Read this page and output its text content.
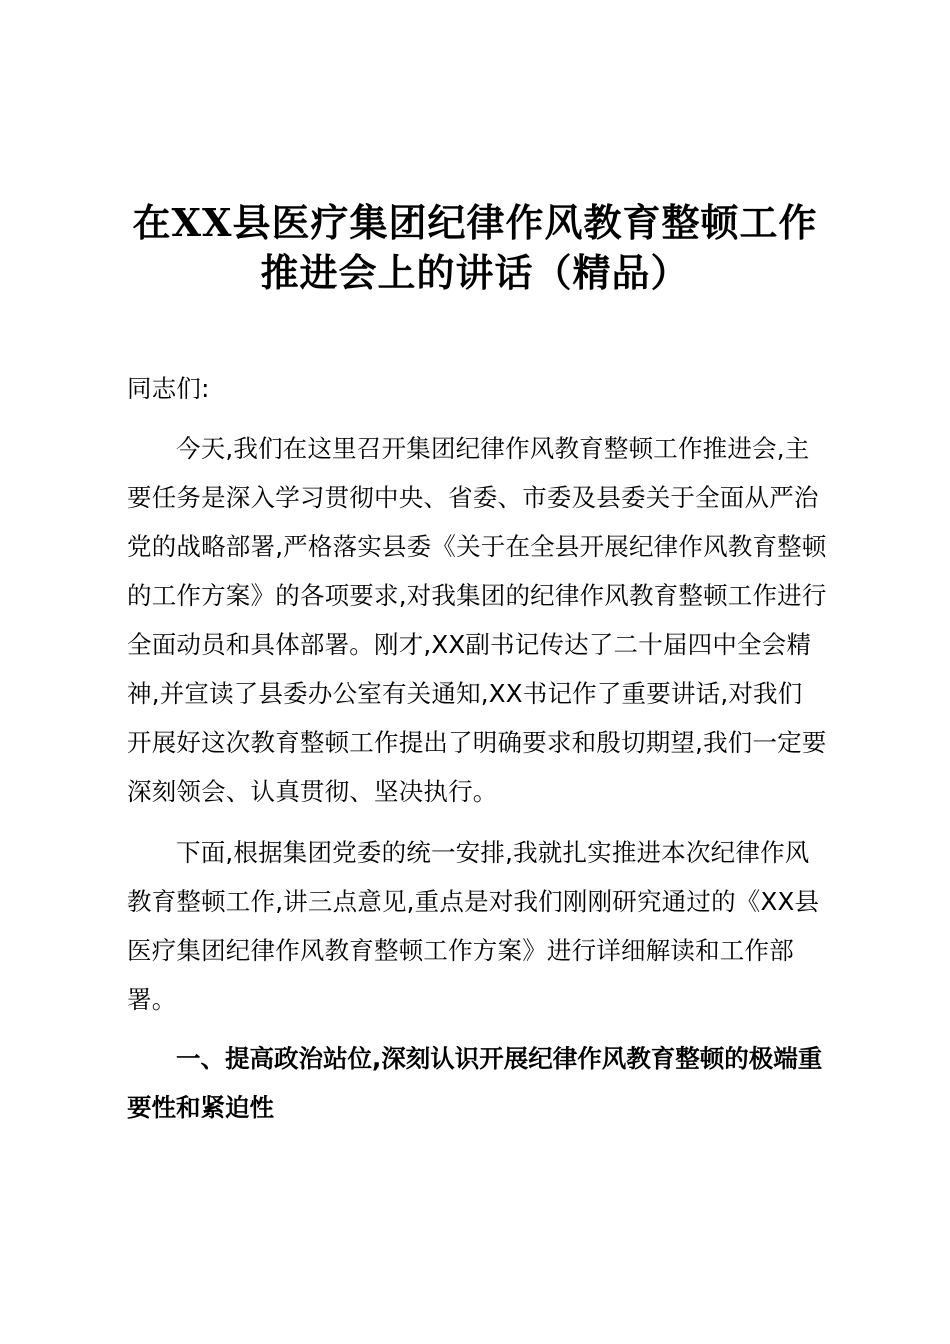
在XX县医疗集团纪律作风教育整顿工作
推进会上的讲话（精品）

同志们:

今天,我们在这里召开集团纪律作风教育整顿工作推进会,主要任务是深入学习贯彻中央、省委、市委及县委关于全面从严治党的战略部署,严格落实县委《关于在全县开展纪律作风教育整顿的工作方案》的各项要求,对我集团的纪律作风教育整顿工作进行全面动员和具体部署。刚才,XX副书记传达了二十届四中全会精神,并宣读了县委办公室有关通知,XX书记作了重要讲话,对我们开展好这次教育整顿工作提出了明确要求和殷切期望,我们一定要深刻领会、认真贯彻、坚决执行。

下面,根据集团党委的统一安排,我就扎实推进本次纪律作风教育整顿工作,讲三点意见,重点是对我们刚刚研究通过的《XX县医疗集团纪律作风教育整顿工作方案》进行详细解读和工作部署。

一、提高政治站位,深刻认识开展纪律作风教育整顿的极端重要性和紧迫性
